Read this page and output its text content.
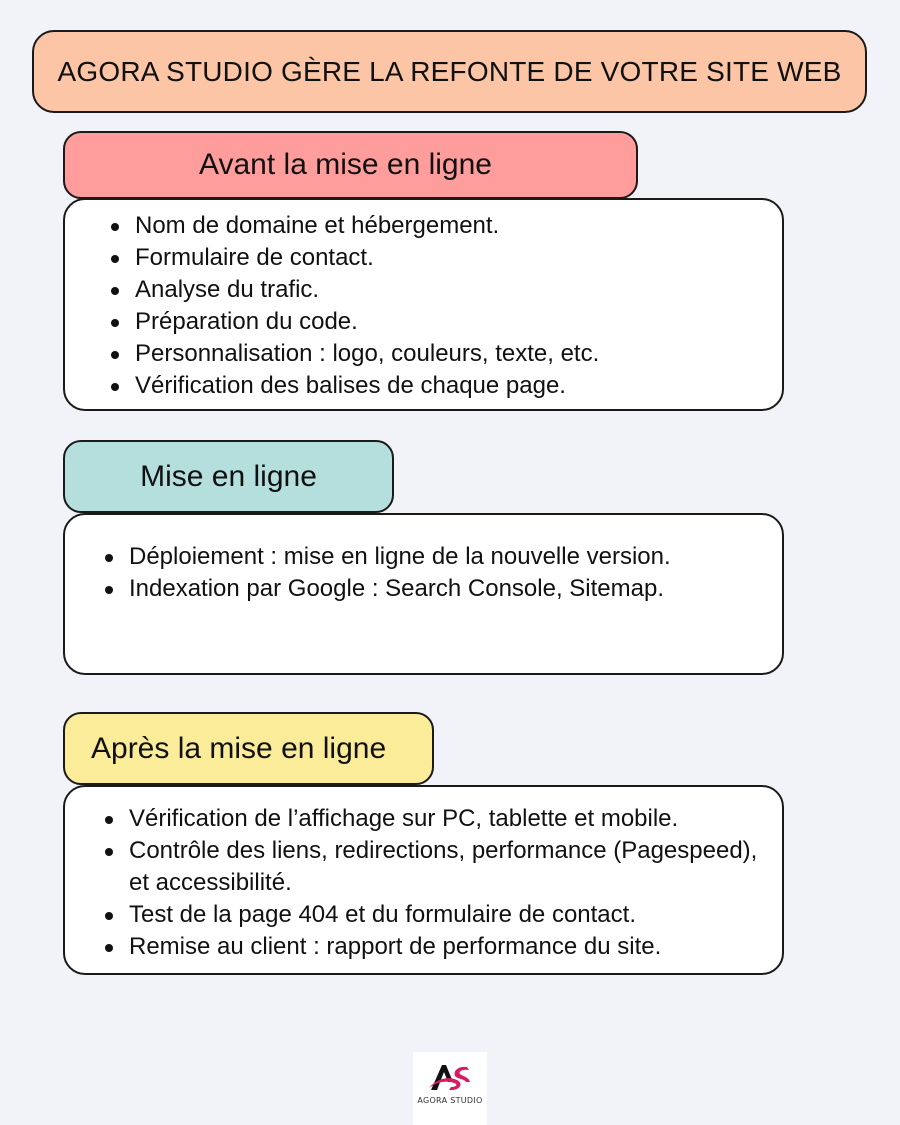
AGORA STUDIO GÈRE LA REFONTE DE VOTRE SITE WEB
Avant la mise en ligne
Nom de domaine et hébergement.
Formulaire de contact.
Analyse du trafic.
Préparation du code.
Personnalisation : logo, couleurs, texte, etc.
Vérification des balises de chaque page.
Mise en ligne
Déploiement : mise en ligne de la nouvelle version.
Indexation par Google : Search Console, Sitemap.
Après la mise en ligne
Vérification de l’affichage sur PC, tablette et mobile.
Contrôle des liens, redirections, performance (Pagespeed), et accessibilité.
Test de la page 404 et du formulaire de contact.
Remise au client : rapport de performance du site.
AGORA STUDIO
